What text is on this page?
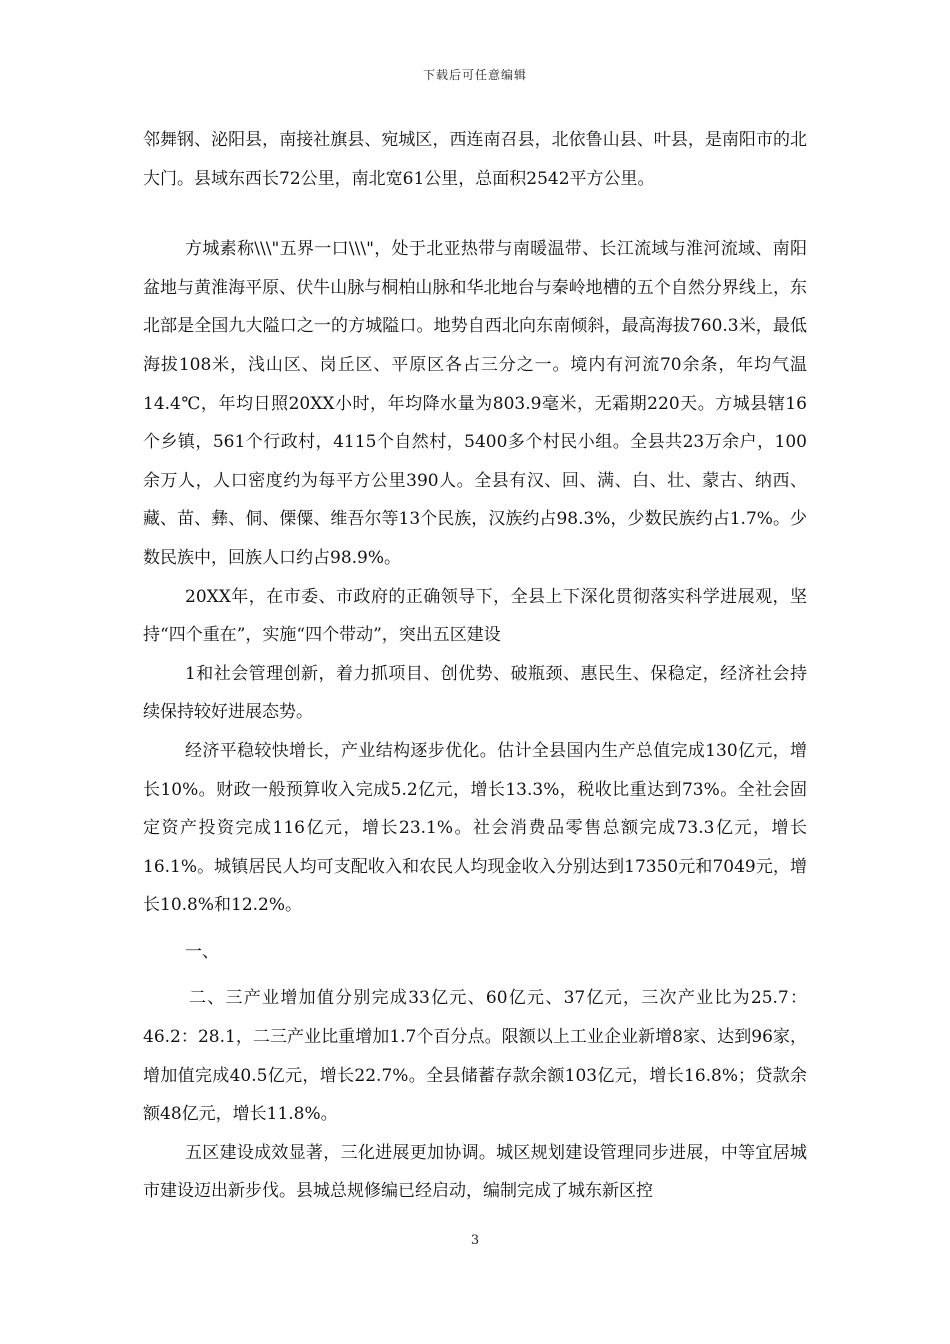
下载后可任意编辑

邻舞钢、泌阳县，南接社旗县、宛城区，西连南召县，北依鲁山县、叶县，是南阳市的北大门。县域东西长72公里，南北宽61公里，总面积2542平方公里。

方城素称\\\"五界一口\\\"，处于北亚热带与南暖温带、长江流域与淮河流域、南阳盆地与黄淮海平原、伏牛山脉与桐柏山脉和华北地台与秦岭地槽的五个自然分界线上，东北部是全国九大隘口之一的方城隘口。地势自西北向东南倾斜，最高海拔760.3米，最低海拔108米，浅山区、岗丘区、平原区各占三分之一。境内有河流70余条，年均气温14.4℃，年均日照20XX小时，年均降水量为803.9毫米，无霜期220天。方城县辖16个乡镇，561个行政村，4115个自然村，5400多个村民小组。全县共23万余户，100余万人，人口密度约为每平方公里390人。全县有汉、回、满、白、壮、蒙古、纳西、藏、苗、彝、侗、傈僳、维吾尔等13个民族，汉族约占98.3%，少数民族约占1.7%。少数民族中，回族人口约占98.9%。

20XX年，在市委、市政府的正确领导下，全县上下深化贯彻落实科学进展观，坚持“四个重在”，实施“四个带动”，突出五区建设

1和社会管理创新，着力抓项目、创优势、破瓶颈、惠民生、保稳定，经济社会持续保持较好进展态势。

经济平稳较快增长，产业结构逐步优化。估计全县国内生产总值完成130亿元，增长10%。财政一般预算收入完成5.2亿元，增长13.3%，税收比重达到73%。全社会固定资产投资完成116亿元，增长23.1%。社会消费品零售总额完成73.3亿元，增长16.1%。城镇居民人均可支配收入和农民人均现金收入分别达到17350元和7049元，增长10.8%和12.2%。

一、

二、三产业增加值分别完成33亿元、60亿元、37亿元，三次产业比为25.7：46.2：28.1，二三产业比重增加1.7个百分点。限额以上工业企业新增8家、达到96家，增加值完成40.5亿元，增长22.7%。全县储蓄存款余额103亿元，增长16.8%；贷款余额48亿元，增长11.8%。

五区建设成效显著，三化进展更加协调。城区规划建设管理同步进展，中等宜居城市建设迈出新步伐。县城总规修编已经启动，编制完成了城东新区控

3
